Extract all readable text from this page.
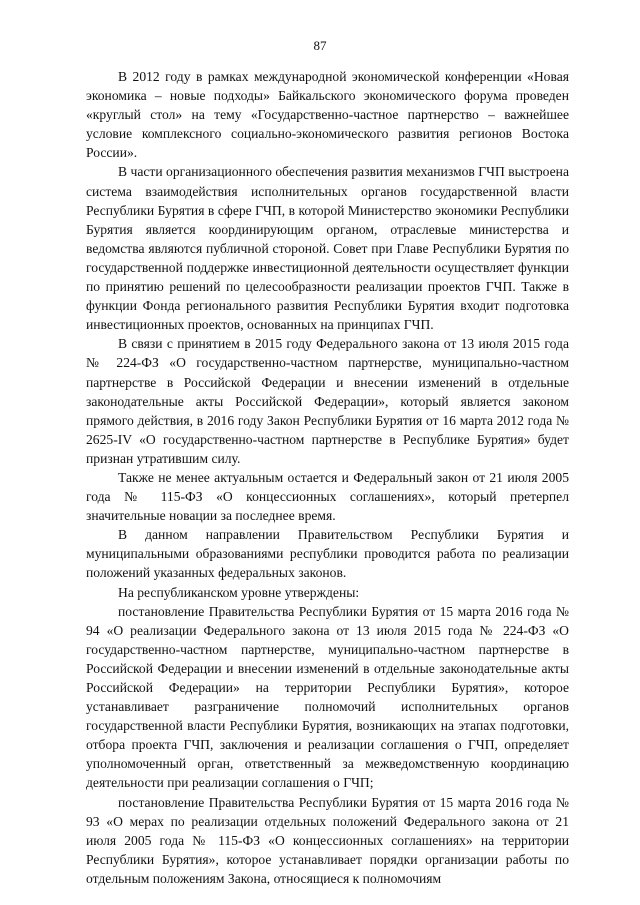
87

В 2012 году в рамках международной экономической конференции «Новая экономика – новые подходы» Байкальского экономического форума проведен «круглый стол» на тему «Государственно-частное партнерство – важнейшее условие комплексного социально-экономического развития регионов Востока России».

В части организационного обеспечения развития механизмов ГЧП выстроена система взаимодействия исполнительных органов государственной власти Республики Бурятия в сфере ГЧП, в которой Министерство экономики Республики Бурятия является координирующим органом, отраслевые министерства и ведомства являются публичной стороной. Совет при Главе Республики Бурятия по государственной поддержке инвестиционной деятельности осуществляет функции по принятию решений по целесообразности реализации проектов ГЧП. Также в функции Фонда регионального развития Республики Бурятия входит подготовка инвестиционных проектов, основанных на принципах ГЧП.

В связи с принятием в 2015 году Федерального закона от 13 июля 2015 года № 224-ФЗ «О государственно-частном партнерстве, муниципально-частном партнерстве в Российской Федерации и внесении изменений в отдельные законодательные акты Российской Федерации», который является законом прямого действия, в 2016 году Закон Республики Бурятия от 16 марта 2012 года № 2625-IV «О государственно-частном партнерстве в Республике Бурятия» будет признан утратившим силу.

Также не менее актуальным остается и Федеральный закон от 21 июля 2005 года № 115-ФЗ «О концессионных соглашениях», который претерпел значительные новации за последнее время.

В данном направлении Правительством Республики Бурятия и муниципальными образованиями республики проводится работа по реализации положений указанных федеральных законов.

На республиканском уровне утверждены:

постановление Правительства Республики Бурятия от 15 марта 2016 года № 94 «О реализации Федерального закона от 13 июля 2015 года № 224-ФЗ «О государственно-частном партнерстве, муниципально-частном партнерстве в Российской Федерации и внесении изменений в отдельные законодательные акты Российской Федерации» на территории Республики Бурятия», которое устанавливает разграничение полномочий исполнительных органов государственной власти Республики Бурятия, возникающих на этапах подготовки, отбора проекта ГЧП, заключения и реализации соглашения о ГЧП, определяет уполномоченный орган, ответственный за межведомственную координацию деятельности при реализации соглашения о ГЧП;

постановление Правительства Республики Бурятия от 15 марта 2016 года № 93 «О мерах по реализации отдельных положений Федерального закона от 21 июля 2005 года № 115-ФЗ «О концессионных соглашениях» на территории Республики Бурятия», которое устанавливает порядки организации работы по отдельным положениям Закона, относящиеся к полномочиям
